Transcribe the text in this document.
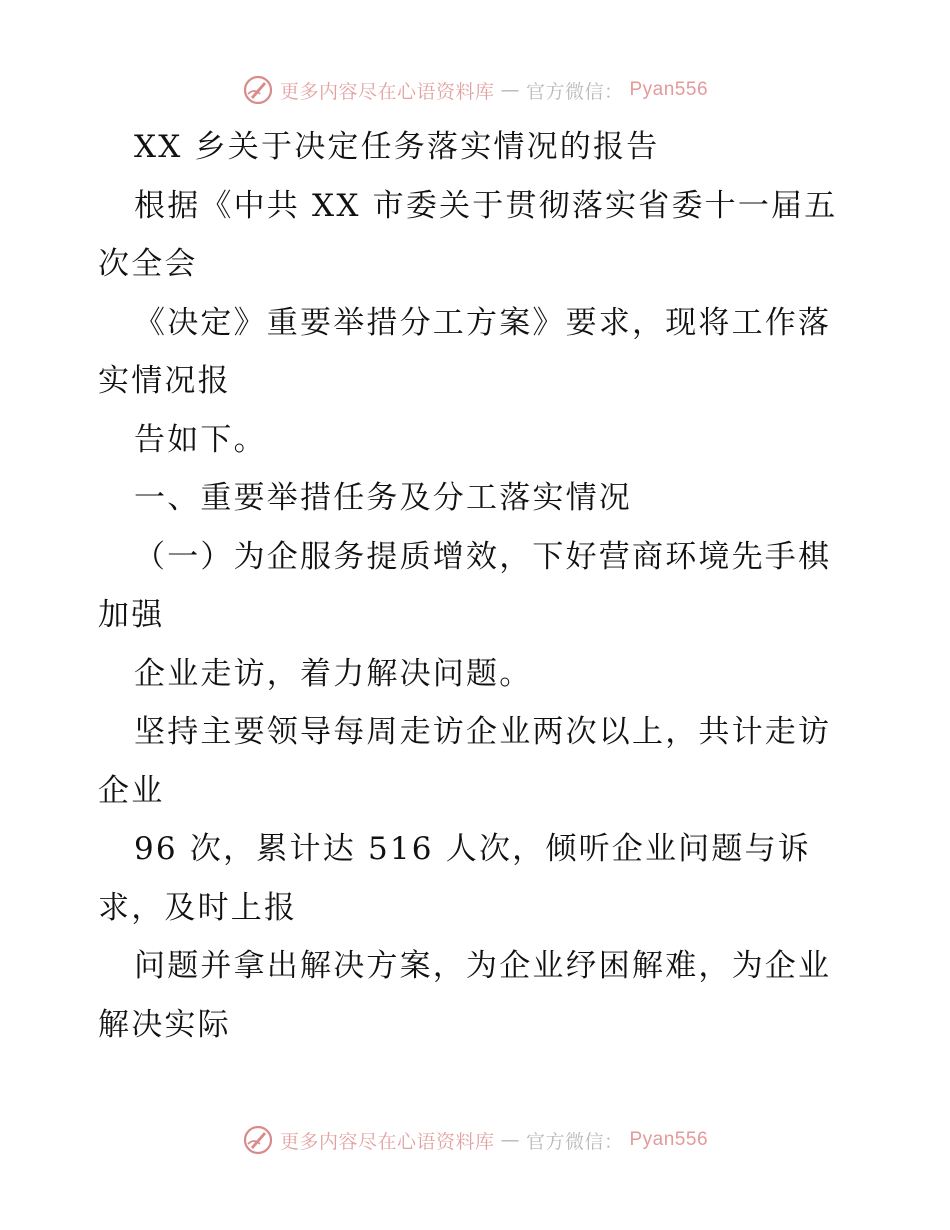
更多内容尽在心语资料库 — 官方微信： Pyan556
XX 乡关于决定任务落实情况的报告
根据《中共 XX 市委关于贯彻落实省委十一届五
次全会
《决定》重要举措分工方案》要求，现将工作落
实情况报
告如下。
一、重要举措任务及分工落实情况
（一）为企服务提质增效，下好营商环境先手棋
加强
企业走访，着力解决问题。
坚持主要领导每周走访企业两次以上，共计走访
企业
96 次，累计达 516 人次，倾听企业问题与诉
求，及时上报
问题并拿出解决方案，为企业纾困解难，为企业
解决实际
更多内容尽在心语资料库 — 官方微信： Pyan556
